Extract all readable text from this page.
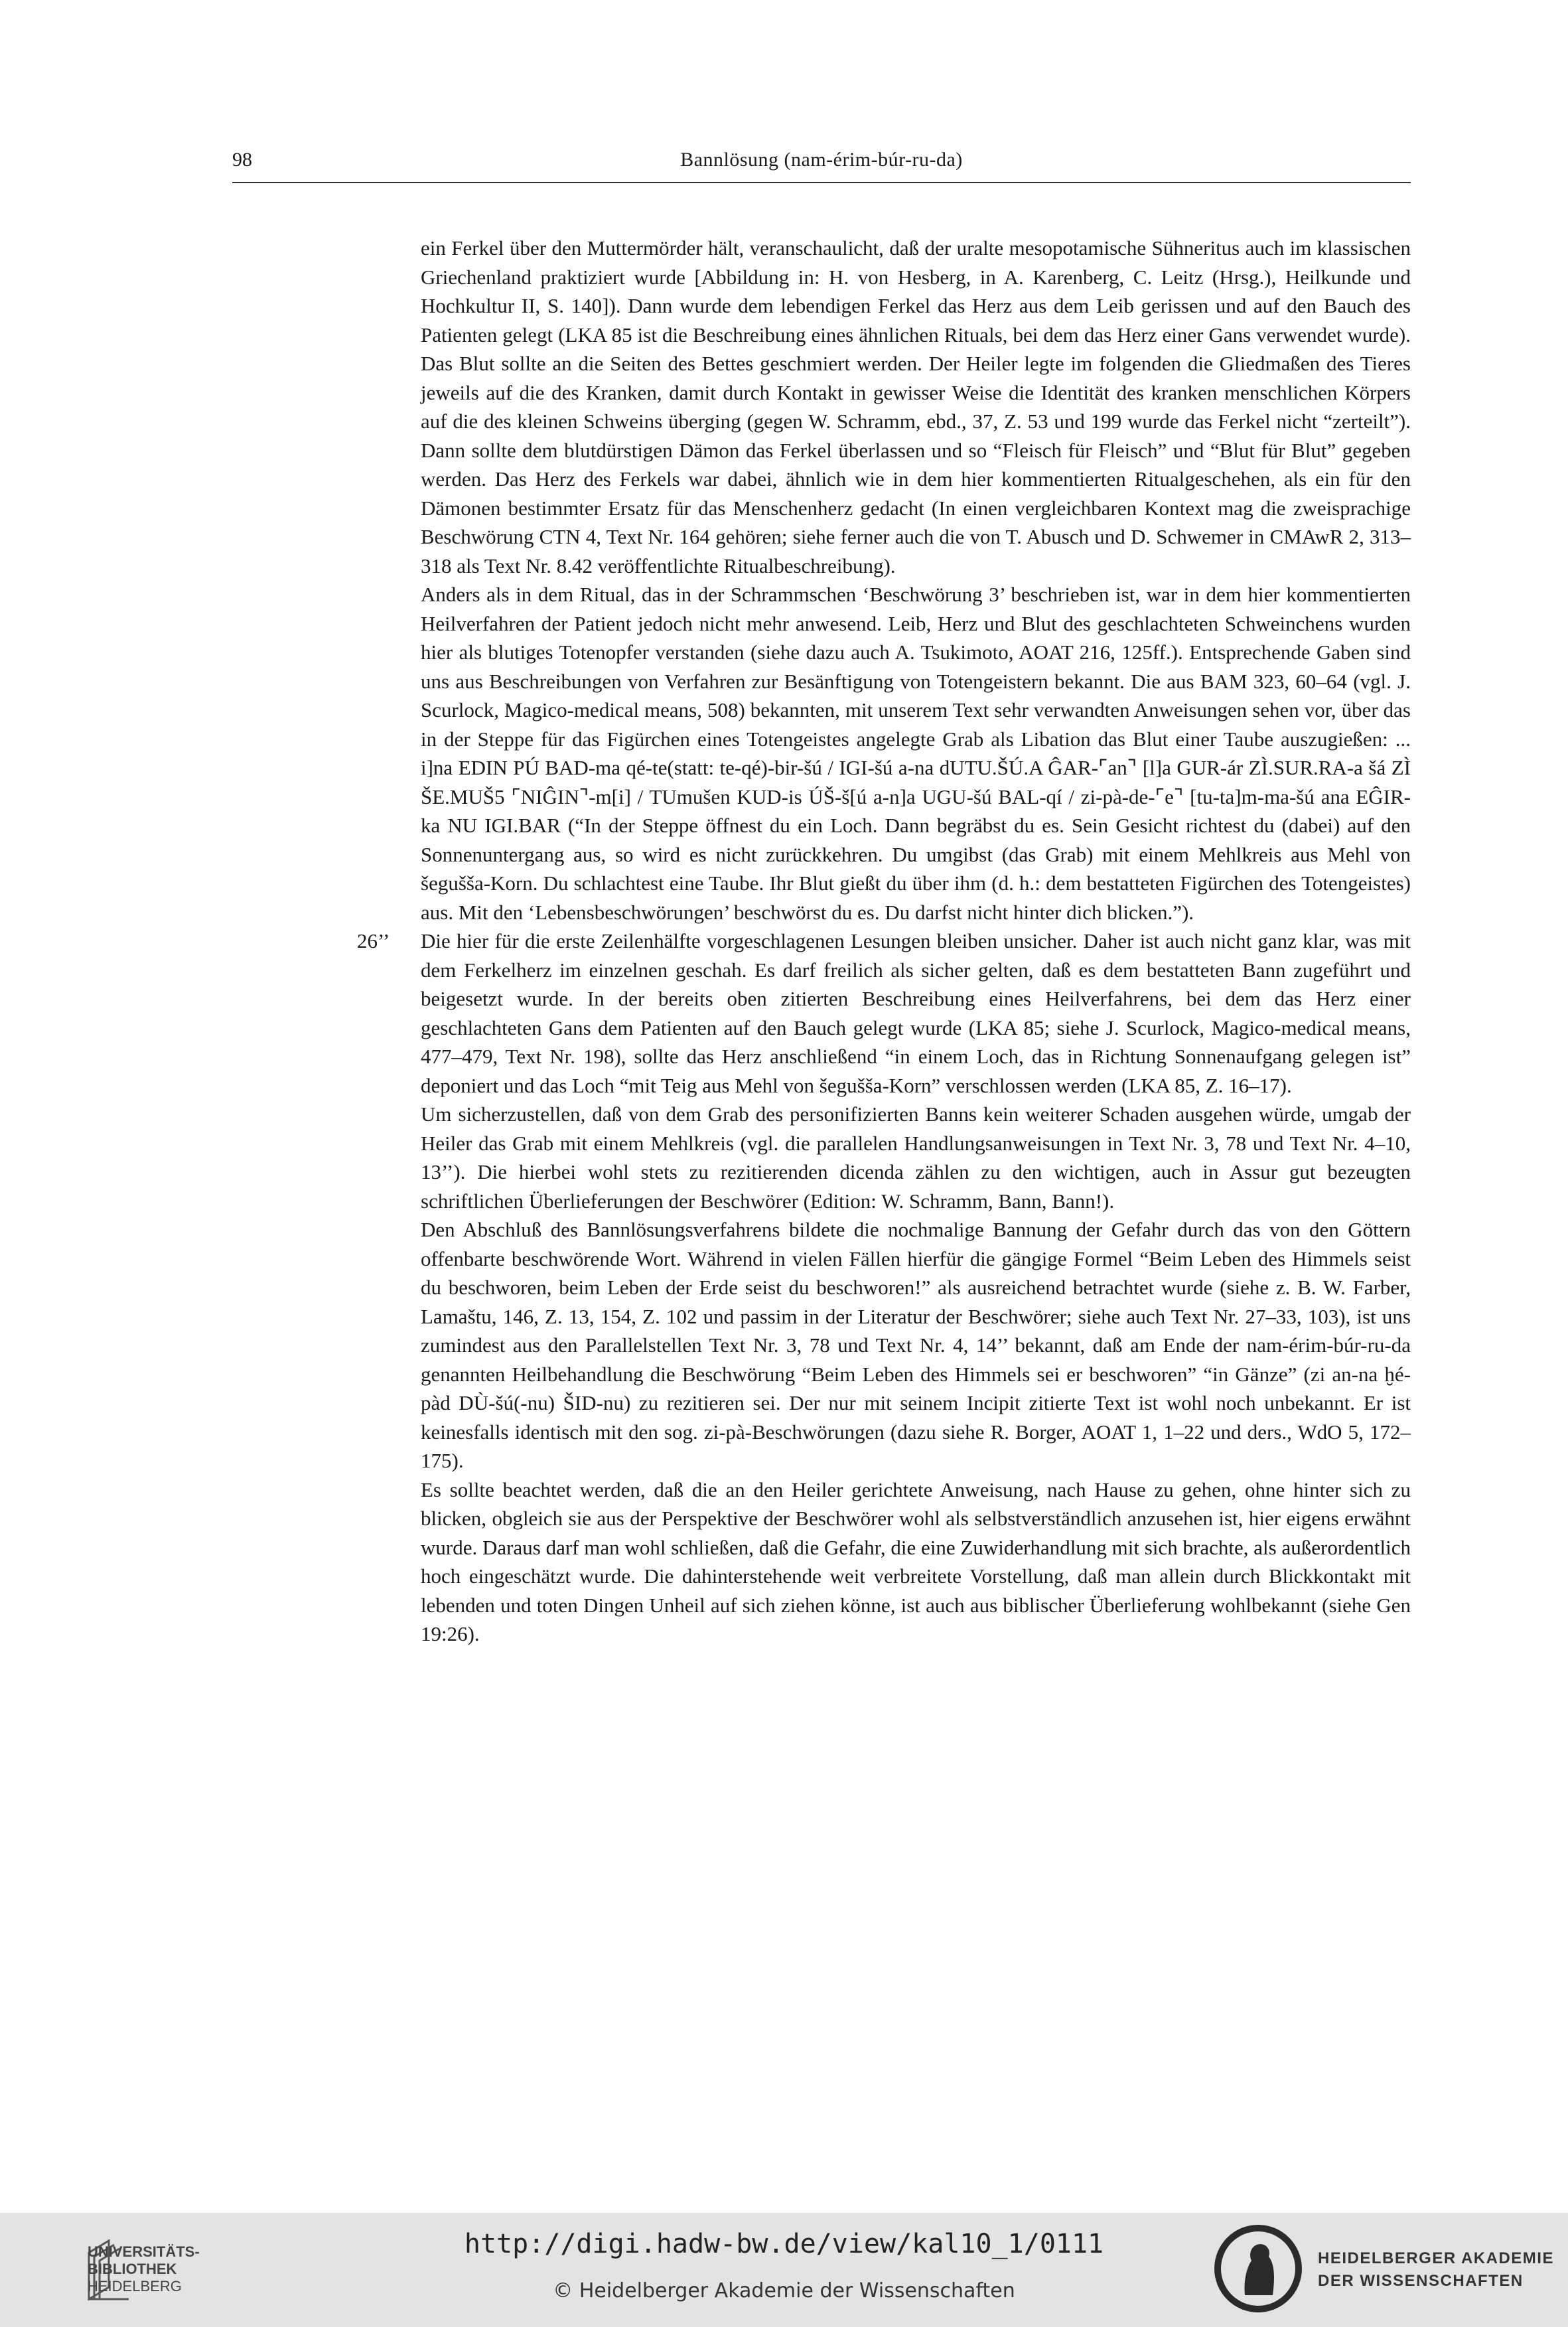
98	Bannlösung (nam-érim-búr-ru-da)

ein Ferkel über den Muttermörder hält, veranschaulicht, daß der uralte mesopotamische Sühneritus auch im klassischen Griechenland praktiziert wurde [Abbildung in: H. von Hesberg, in A. Karenberg, C. Leitz (Hrsg.), Heilkunde und Hochkultur II, S. 140]). Dann wurde dem lebendigen Ferkel das Herz aus dem Leib gerissen und auf den Bauch des Patienten gelegt (LKA 85 ist die Beschreibung eines ähnlichen Rituals, bei dem das Herz einer Gans verwendet wurde). Das Blut sollte an die Seiten des Bettes geschmiert werden. Der Heiler legte im folgenden die Gliedmaßen des Tieres jeweils auf die des Kranken, damit durch Kontakt in gewisser Weise die Identität des kranken menschlichen Körpers auf die des kleinen Schweins überging (gegen W. Schramm, ebd., 37, Z. 53 und 199 wurde das Ferkel nicht “zerteilt”). Dann sollte dem blutdürstigen Dämon das Ferkel überlassen und so “Fleisch für Fleisch” und “Blut für Blut” gegeben werden. Das Herz des Ferkels war dabei, ähnlich wie in dem hier kommentierten Ritualgeschehen, als ein für den Dämonen bestimmter Ersatz für das Menschenherz gedacht (In einen vergleichbaren Kontext mag die zweisprachige Beschwörung CTN 4, Text Nr. 164 gehören; siehe ferner auch die von T. Abusch und D. Schwemer in CMAwR 2, 313–318 als Text Nr. 8.42 veröffentlichte Ritualbeschreibung).

Anders als in dem Ritual, das in der Schrammschen ‘Beschwörung 3’ beschrieben ist, war in dem hier kommentierten Heilverfahren der Patient jedoch nicht mehr anwesend. Leib, Herz und Blut des geschlachteten Schweinchens wurden hier als blutiges Totenopfer verstanden (siehe dazu auch A. Tsukimoto, AOAT 216, 125ff.). Entsprechende Gaben sind uns aus Beschreibungen von Verfahren zur Besänftigung von Totengeistern bekannt. Die aus BAM 323, 60–64 (vgl. J. Scurlock, Magico-medical means, 508) bekannten, mit unserem Text sehr verwandten Anweisungen sehen vor, über das in der Steppe für das Figürchen eines Totengeistes angelegte Grab als Libation das Blut einer Taube auszugießen: ... i]na EDIN PÚ BAD-ma qé-te(statt: te-qé)-bir-šú / IGI-šú a-na dUTU.ŠÚ.A ĜAR-⌜an⌝ [l]a GUR-ár ZÌ.SUR.RA-a šá ZÌ ŠE.MUŠ5 ⌜NIĜIN⌝-m[i] / TUmušen KUD-is ÚŠ-š[ú a-n]a UGU-šú BAL-qí / zi-pà-de-⌜e⌝ [tu-ta]m-ma-šú ana EĜIR-ka NU IGI.BAR (“In der Steppe öffnest du ein Loch. Dann begräbst du es. Sein Gesicht richtest du (dabei) auf den Sonnenuntergang aus, so wird es nicht zurückkehren. Du umgibst (das Grab) mit einem Mehlkreis aus Mehl von šegušša-Korn. Du schlachtest eine Taube. Ihr Blut gießt du über ihm (d. h.: dem bestatteten Figürchen des Totengeistes) aus. Mit den ‘Lebensbeschwörungen’ beschwörst du es. Du darfst nicht hinter dich blicken.”).

26’’ Die hier für die erste Zeilenhälfte vorgeschlagenen Lesungen bleiben unsicher. Daher ist auch nicht ganz klar, was mit dem Ferkelherz im einzelnen geschah. Es darf freilich als sicher gelten, daß es dem bestatteten Bann zugeführt und beigesetzt wurde. In der bereits oben zitierten Beschreibung eines Heilverfahrens, bei dem das Herz einer geschlachteten Gans dem Patienten auf den Bauch gelegt wurde (LKA 85; siehe J. Scurlock, Magico-medical means, 477–479, Text Nr. 198), sollte das Herz anschließend “in einem Loch, das in Richtung Sonnenaufgang gelegen ist” deponiert und das Loch “mit Teig aus Mehl von šegušša-Korn” verschlossen werden (LKA 85, Z. 16–17).

Um sicherzustellen, daß von dem Grab des personifizierten Banns kein weiterer Schaden ausgehen würde, umgab der Heiler das Grab mit einem Mehlkreis (vgl. die parallelen Handlungsanweisungen in Text Nr. 3, 78 und Text Nr. 4–10, 13’’). Die hierbei wohl stets zu rezitierenden dicenda zählen zu den wichtigen, auch in Assur gut bezeugten schriftlichen Überlieferungen der Beschwörer (Edition: W. Schramm, Bann, Bann!).

Den Abschluß des Bannlösungsverfahrens bildete die nochmalige Bannung der Gefahr durch das von den Göttern offenbarte beschwörende Wort. Während in vielen Fällen hierfür die gängige Formel “Beim Leben des Himmels seist du beschworen, beim Leben der Erde seist du beschworen!” als ausreichend betrachtet wurde (siehe z. B. W. Farber, Lamaštu, 146, Z. 13, 154, Z. 102 und passim in der Literatur der Beschwörer; siehe auch Text Nr. 27–33, 103), ist uns zumindest aus den Parallelstellen Text Nr. 3, 78 und Text Nr. 4, 14’’ bekannt, daß am Ende der nam-érim-búr-ru-da genannten Heilbehandlung die Beschwörung “Beim Leben des Himmels sei er beschworen” “in Gänze” (zi an-na ḫé-pàd DÙ-šú(-nu) ŠID-nu) zu rezitieren sei. Der nur mit seinem Incipit zitierte Text ist wohl noch unbekannt. Er ist keinesfalls identisch mit den sog. zi-pà-Beschwörungen (dazu siehe R. Borger, AOAT 1, 1–22 und ders., WdO 5, 172–175).

Es sollte beachtet werden, daß die an den Heiler gerichtete Anweisung, nach Hause zu gehen, ohne hinter sich zu blicken, obgleich sie aus der Perspektive der Beschwörer wohl als selbstverständlich anzusehen ist, hier eigens erwähnt wurde. Daraus darf man wohl schließen, daß die Gefahr, die eine Zuwiderhandlung mit sich brachte, als außerordentlich hoch eingeschätzt wurde. Die dahinterstehende weit verbreitete Vorstellung, daß man allein durch Blickkontakt mit lebenden und toten Dingen Unheil auf sich ziehen könne, ist auch aus biblischer Überlieferung wohlbekannt (siehe Gen 19:26).

UNIVERSITÄTS-
BIBLIOTHEK
HEIDELBERG
http://digi.hadw-bw.de/view/kal10_1/0111
© Heidelberger Akademie der Wissenschaften
HEIDELBERGER AKADEMIE
DER WISSENSCHAFTEN
